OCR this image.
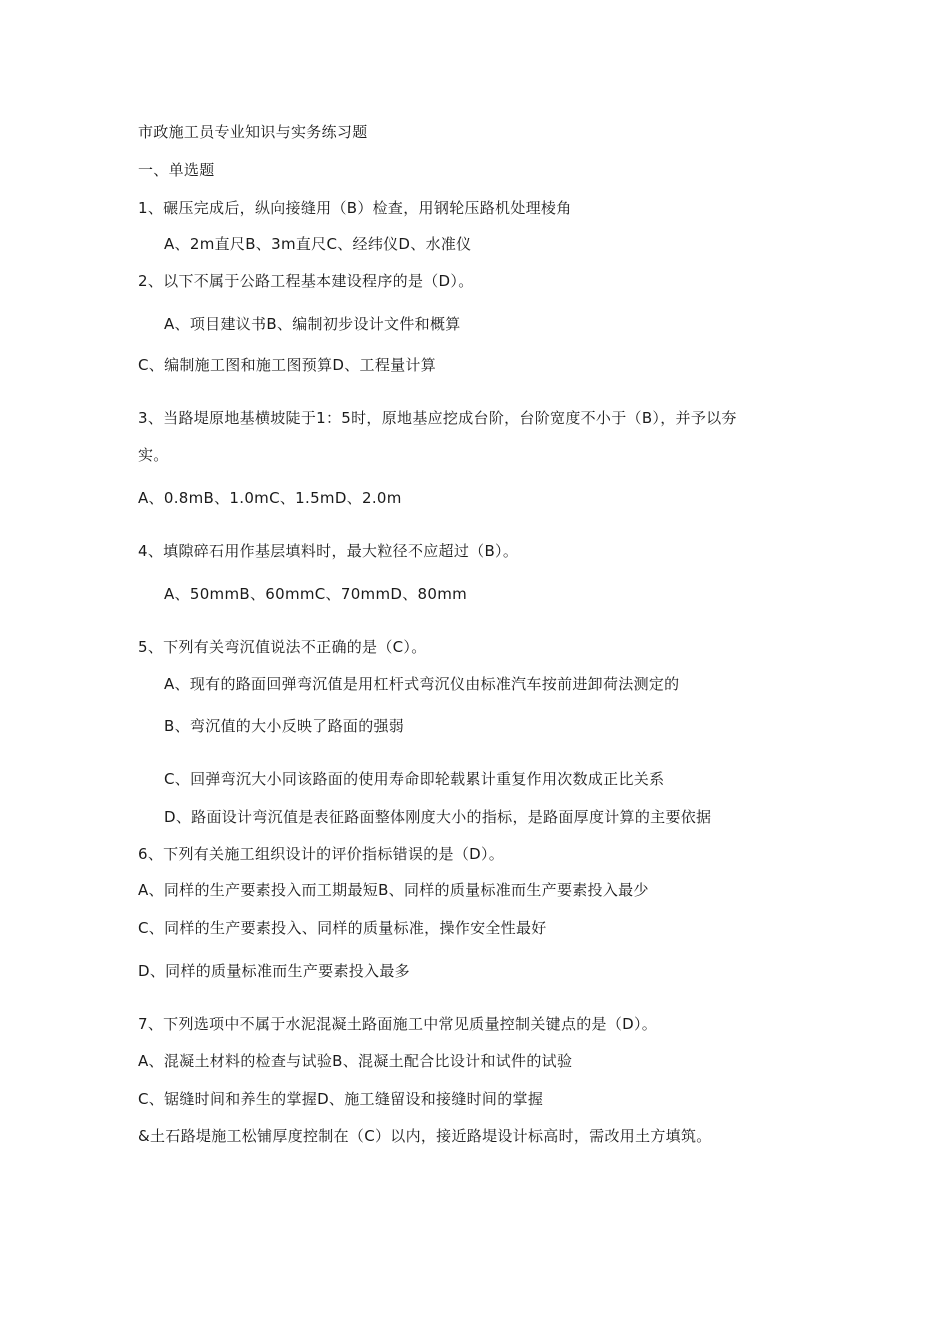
市政施工员专业知识与实务练习题
一、单选题
1、碾压完成后，纵向接缝用（B）检查，用钢轮压路机处理棱角
A、2m直尺B、3m直尺C、经纬仪D、水准仪
2、以下不属于公路工程基本建设程序的是（D）。
A、项目建议书B、编制初步设计文件和概算
C、编制施工图和施工图预算D、工程量计算
3、当路堤原地基横坡陡于1：5时，原地基应挖成台阶，台阶宽度不小于（B），并予以夯
实。
A、0.8mB、1.0mC、1.5mD、2.0m
4、填隙碎石用作基层填料时，最大粒径不应超过（B）。
A、50mmB、60mmC、70mmD、80mm
5、下列有关弯沉值说法不正确的是（C）。
A、现有的路面回弹弯沉值是用杠杆式弯沉仪由标准汽车按前进卸荷法测定的
B、弯沉值的大小反映了路面的强弱
C、回弹弯沉大小同该路面的使用寿命即轮载累计重复作用次数成正比关系
D、路面设计弯沉值是表征路面整体刚度大小的指标，是路面厚度计算的主要依据
6、下列有关施工组织设计的评价指标错误的是（D）。
A、同样的生产要素投入而工期最短B、同样的质量标准而生产要素投入最少
C、同样的生产要素投入、同样的质量标准，操作安全性最好
D、同样的质量标准而生产要素投入最多
7、下列选项中不属于水泥混凝土路面施工中常见质量控制关键点的是（D）。
A、混凝土材料的检查与试验B、混凝土配合比设计和试件的试验
C、锯缝时间和养生的掌握D、施工缝留设和接缝时间的掌握
&土石路堤施工松铺厚度控制在（C）以内，接近路堤设计标高时，需改用土方填筑。
